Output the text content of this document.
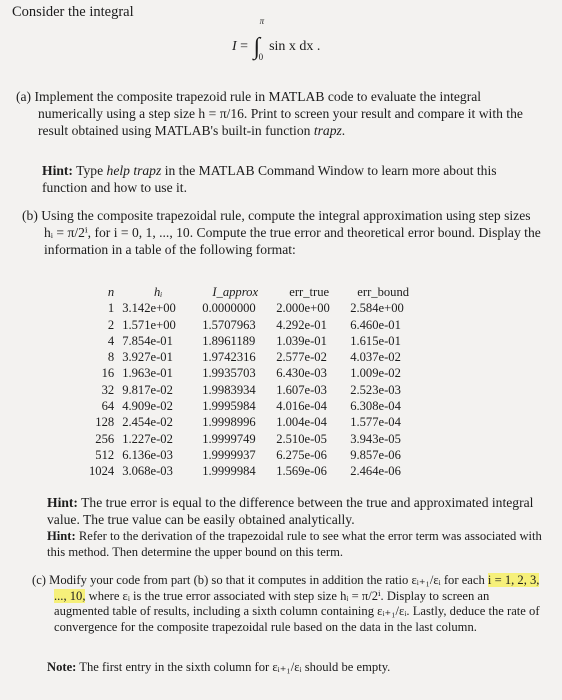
Consider the integral
I = ∫
π
0
sin x dx .
(a) Implement the composite trapezoid rule in MATLAB code to evaluate the integral numerically using a step size h = π/16. Print to screen your result and compare it with the result obtained using MATLAB's built-in function trapz.
Hint: Type help trapz in the MATLAB Command Window to learn more about this function and how to use it.
(b) Using the composite trapezoidal rule, compute the integral approximation using step sizes hᵢ = π/2ⁱ, for i = 0, 1, ..., 10. Compute the true error and theoretical error bound. Display the information in a table of the following format:
n	hᵢ	I_approx	err_true	err_bound
1	3.142e+00	0.0000000	2.000e+00	2.584e+00
2	1.571e+00	1.5707963	4.292e-01	6.460e-01
4	7.854e-01	1.8961189	1.039e-01	1.615e-01
8	3.927e-01	1.9742316	2.577e-02	4.037e-02
16	1.963e-01	1.9935703	6.430e-03	1.009e-02
32	9.817e-02	1.9983934	1.607e-03	2.523e-03
64	4.909e-02	1.9995984	4.016e-04	6.308e-04
128	2.454e-02	1.9998996	1.004e-04	1.577e-04
256	1.227e-02	1.9999749	2.510e-05	3.943e-05
512	6.136e-03	1.9999937	6.275e-06	9.857e-06
1024	3.068e-03	1.9999984	1.569e-06	2.464e-06
Hint: The true error is equal to the difference between the true and approximated integral value. The true value can be easily obtained analytically.
Hint: Refer to the derivation of the trapezoidal rule to see what the error term was associated with this method. Then determine the upper bound on this term.
(c) Modify your code from part (b) so that it computes in addition the ratio εᵢ₊₁/εᵢ for each i = 1, 2, 3, ..., 10, where εᵢ is the true error associated with step size hᵢ = π/2ⁱ. Display to screen an augmented table of results, including a sixth column containing εᵢ₊₁/εᵢ. Lastly, deduce the rate of convergence for the composite trapezoidal rule based on the data in the last column.
Note: The first entry in the sixth column for εᵢ₊₁/εᵢ should be empty.
